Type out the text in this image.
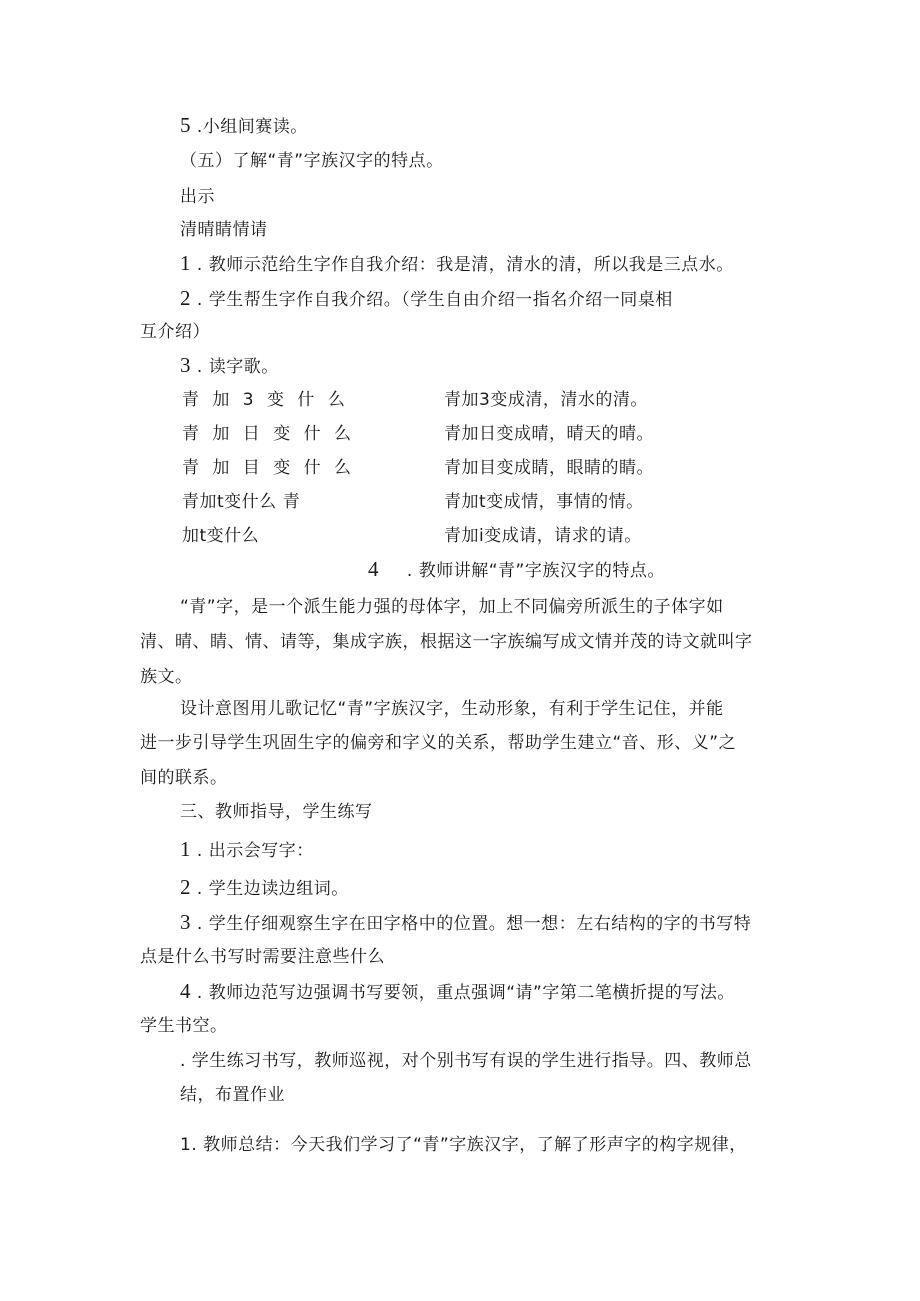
5 .小组间赛读。
（五）了解“青”字族汉字的特点。
出示
清晴睛情请
1 . 教师示范给生字作自我介绍：我是清，清水的清，所以我是三点水。
2 . 学生帮生字作自我介绍。（学生自由介绍一指名介绍一同桌相
互介绍）
3 . 读字歌。
青 加 3 变 什 么	青加3变成清，清水的清。
青 加 日 变 什 么	青加日变成晴，晴天的晴。
青 加 目 变 什 么	青加目变成睛，眼睛的睛。
青加t变什么 青	青加t变成情，事情的情。
加t变什么	青加i变成请，请求的请。
4 . 教师讲解“青”字族汉字的特点。
“青”字，是一个派生能力强的母体字，加上不同偏旁所派生的子体字如
清、晴、睛、情、请等，集成字族，根据这一字族编写成文情并茂的诗文就叫字
族文。
设计意图用儿歌记忆“青”字族汉字，生动形象，有利于学生记住，并能
进一步引导学生巩固生字的偏旁和字义的关系，帮助学生建立“音、形、义”之
间的联系。
三、教师指导，学生练写
1 . 出示会写字：
2 . 学生边读边组词。
3 . 学生仔细观察生字在田字格中的位置。想一想：左右结构的字的书写特
点是什么书写时需要注意些什么
4 . 教师边范写边强调书写要领，重点强调“请”字第二笔横折提的写法。
学生书空。
. 学生练习书写，教师巡视，对个别书写有误的学生进行指导。四、教师总
结，布置作业
1. 教师总结：今天我们学习了“青”字族汉字，了解了形声字的构字规律，
